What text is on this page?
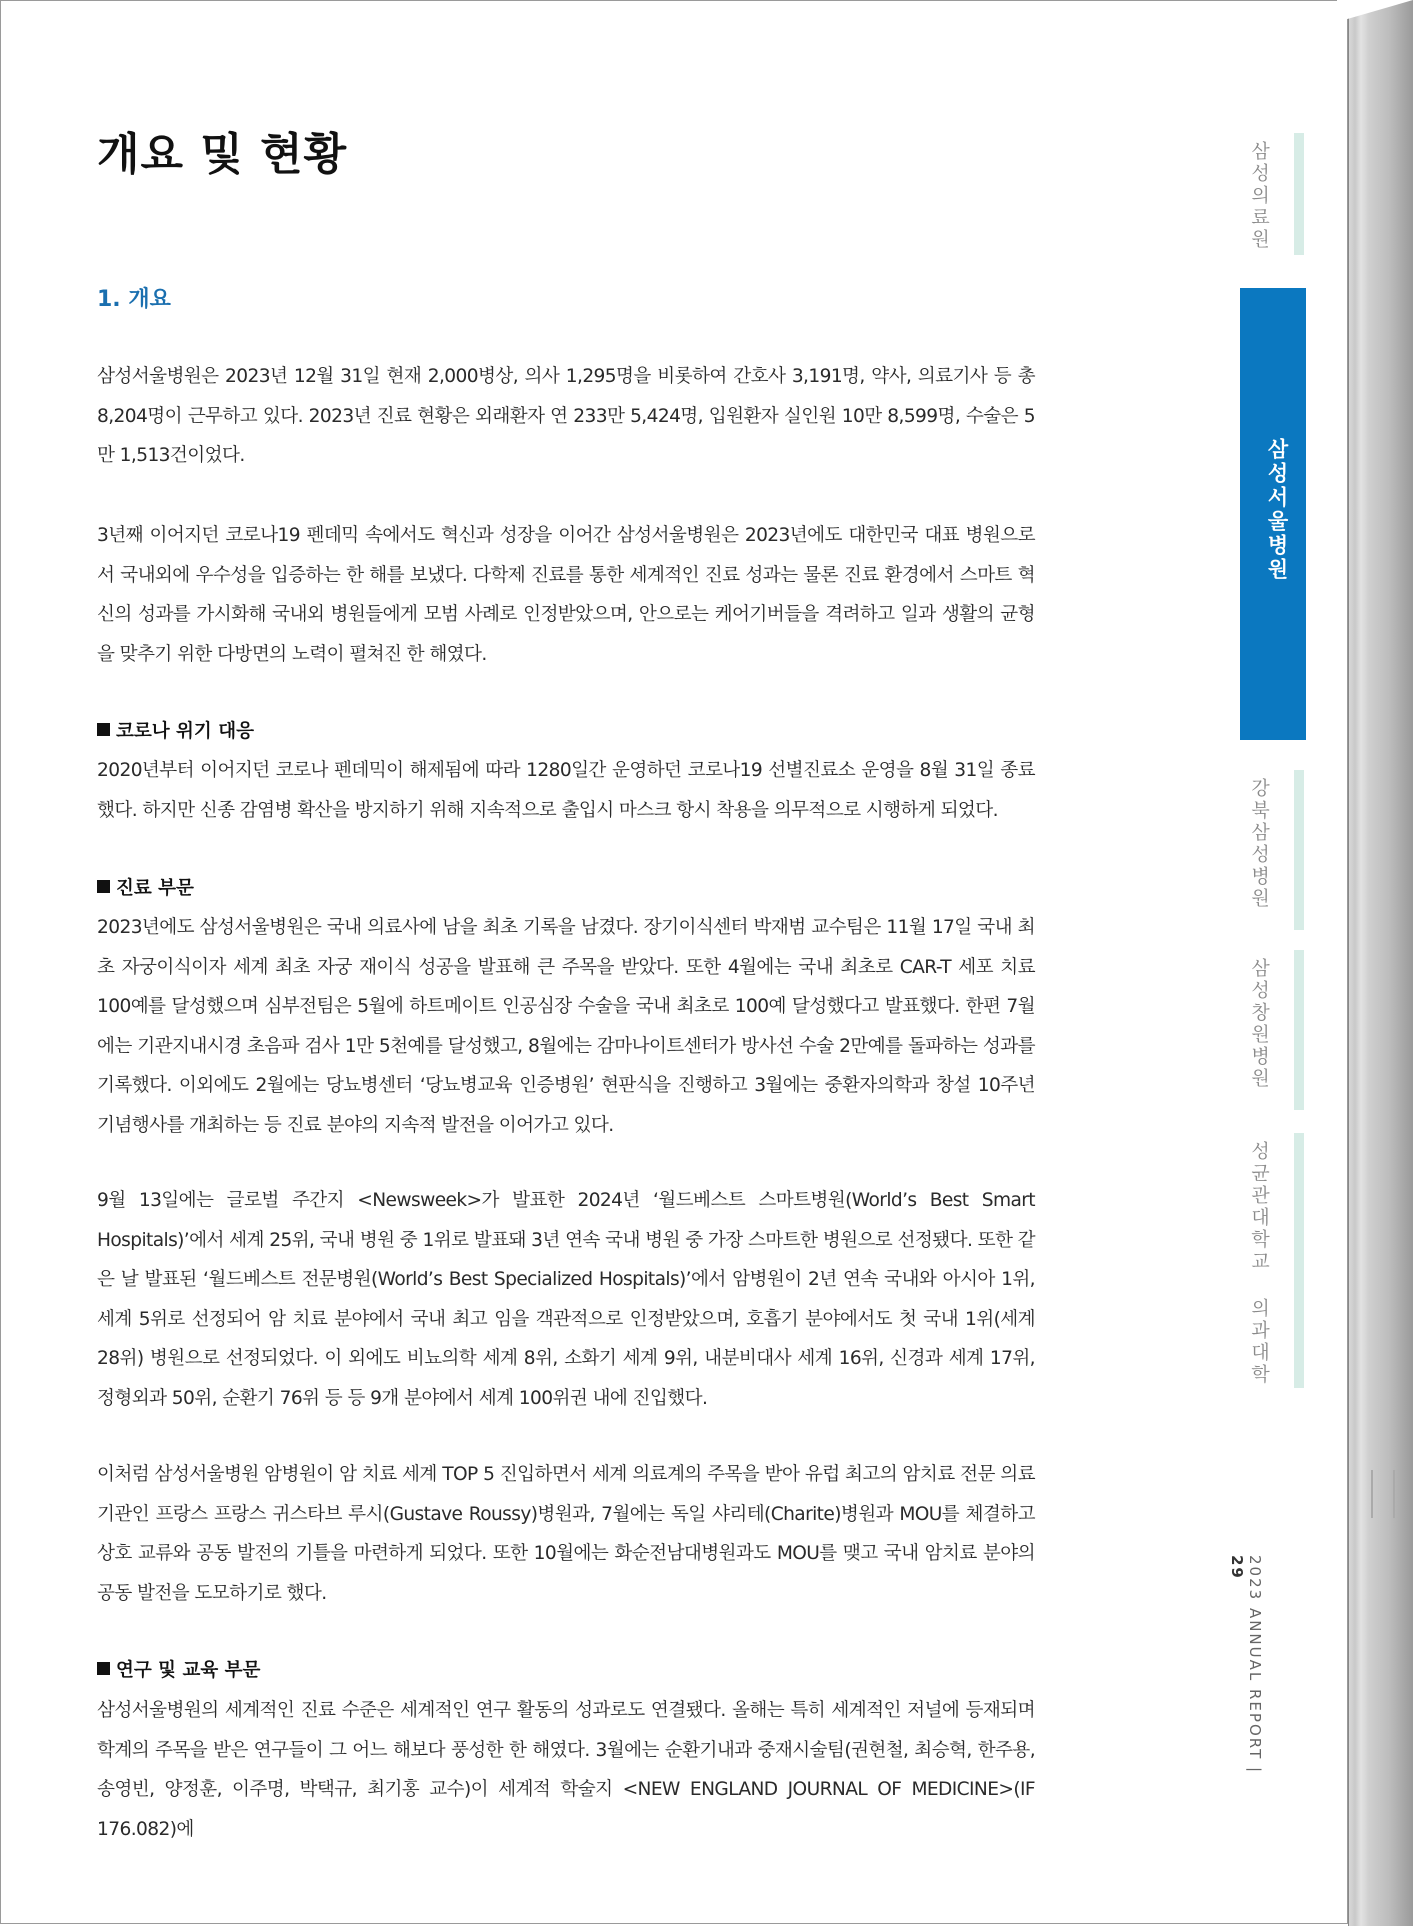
개요 및 현황
1. 개요

삼성서울병원은 2023년 12월 31일 현재 2,000병상, 의사 1,295명을 비롯하여 간호사 3,191명, 약사, 의료기사 등 총 8,204명이 근무하고 있다. 2023년 진료 현황은 외래환자 연 233만 5,424명, 입원환자 실인원 10만 8,599명, 수술은 5만 1,513건이었다.

3년째 이어지던 코로나19 펜데믹 속에서도 혁신과 성장을 이어간 삼성서울병원은 2023년에도 대한민국 대표 병원으로서 국내외에 우수성을 입증하는 한 해를 보냈다. 다학제 진료를 통한 세계적인 진료 성과는 물론 진료 환경에서 스마트 혁신의 성과를 가시화해 국내외 병원들에게 모범 사례로 인정받았으며, 안으로는 케어기버들을 격려하고 일과 생활의 균형을 맞추기 위한 다방면의 노력이 펼쳐진 한 해였다.

코로나 위기 대응

2020년부터 이어지던 코로나 펜데믹이 해제됨에 따라 1280일간 운영하던 코로나19 선별진료소 운영을 8월 31일 종료했다. 하지만 신종 감염병 확산을 방지하기 위해 지속적으로 출입시 마스크 항시 착용을 의무적으로 시행하게 되었다.

진료 부문

2023년에도 삼성서울병원은 국내 의료사에 남을 최초 기록을 남겼다. 장기이식센터 박재범 교수팀은 11월 17일 국내 최초 자궁이식이자 세계 최초 자궁 재이식 성공을 발표해 큰 주목을 받았다. 또한 4월에는 국내 최초로 CAR-T 세포 치료 100예를 달성했으며 심부전팀은 5월에 하트메이트 인공심장 수술을 국내 최초로 100예 달성했다고 발표했다. 한편 7월에는 기관지내시경 초음파 검사 1만 5천예를 달성했고, 8월에는 감마나이트센터가 방사선 수술 2만예를 돌파하는 성과를 기록했다. 이외에도 2월에는 당뇨병센터 ‘당뇨병교육 인증병원’ 현판식을 진행하고 3월에는 중환자의학과 창설 10주년 기념행사를 개최하는 등 진료 분야의 지속적 발전을 이어가고 있다.

9월 13일에는 글로벌 주간지 <Newsweek>가 발표한 2024년 ‘월드베스트 스마트병원(World’s Best Smart Hospitals)’에서 세계 25위, 국내 병원 중 1위로 발표돼 3년 연속 국내 병원 중 가장 스마트한 병원으로 선정됐다. 또한 같은 날 발표된 ‘월드베스트 전문병원(World’s Best Specialized Hospitals)’에서 암병원이 2년 연속 국내와 아시아 1위, 세계 5위로 선정되어 암 치료 분야에서 국내 최고 임을 객관적으로 인정받았으며, 호흡기 분야에서도 첫 국내 1위(세계 28위) 병원으로 선정되었다. 이 외에도 비뇨의학 세계 8위, 소화기 세계 9위, 내분비대사 세계 16위, 신경과 세계 17위, 정형외과 50위, 순환기 76위 등 등 9개 분야에서 세계 100위권 내에 진입했다.

이처럼 삼성서울병원 암병원이 암 치료 세계 TOP 5 진입하면서 세계 의료계의 주목을 받아 유럽 최고의 암치료 전문 의료기관인 프랑스 프랑스 귀스타브 루시(Gustave Roussy)병원과, 7월에는 독일 샤리테(Charite)병원과 MOU를 체결하고 상호 교류와 공동 발전의 기틀을 마련하게 되었다. 또한 10월에는 화순전남대병원과도 MOU를 맺고 국내 암치료 분야의 공동 발전을 도모하기로 했다.

연구 및 교육 부문

삼성서울병원의 세계적인 진료 수준은 세계적인 연구 활동의 성과로도 연결됐다. 올해는 특히 세계적인 저널에 등재되며 학계의 주목을 받은 연구들이 그 어느 해보다 풍성한 한 해였다. 3월에는 순환기내과 중재시술팀(권현철, 최승혁, 한주용, 송영빈, 양정훈, 이주명, 박택규, 최기홍 교수)이 세계적 학술지 <NEW ENGLAND JOURNAL OF MEDICINE>(IF 176.082)에

삼성의료원
삼성서울병원
강북삼성병원
삼성창원병원
성균관대학교 의과대학
2023 ANNUAL REPORT | 29
